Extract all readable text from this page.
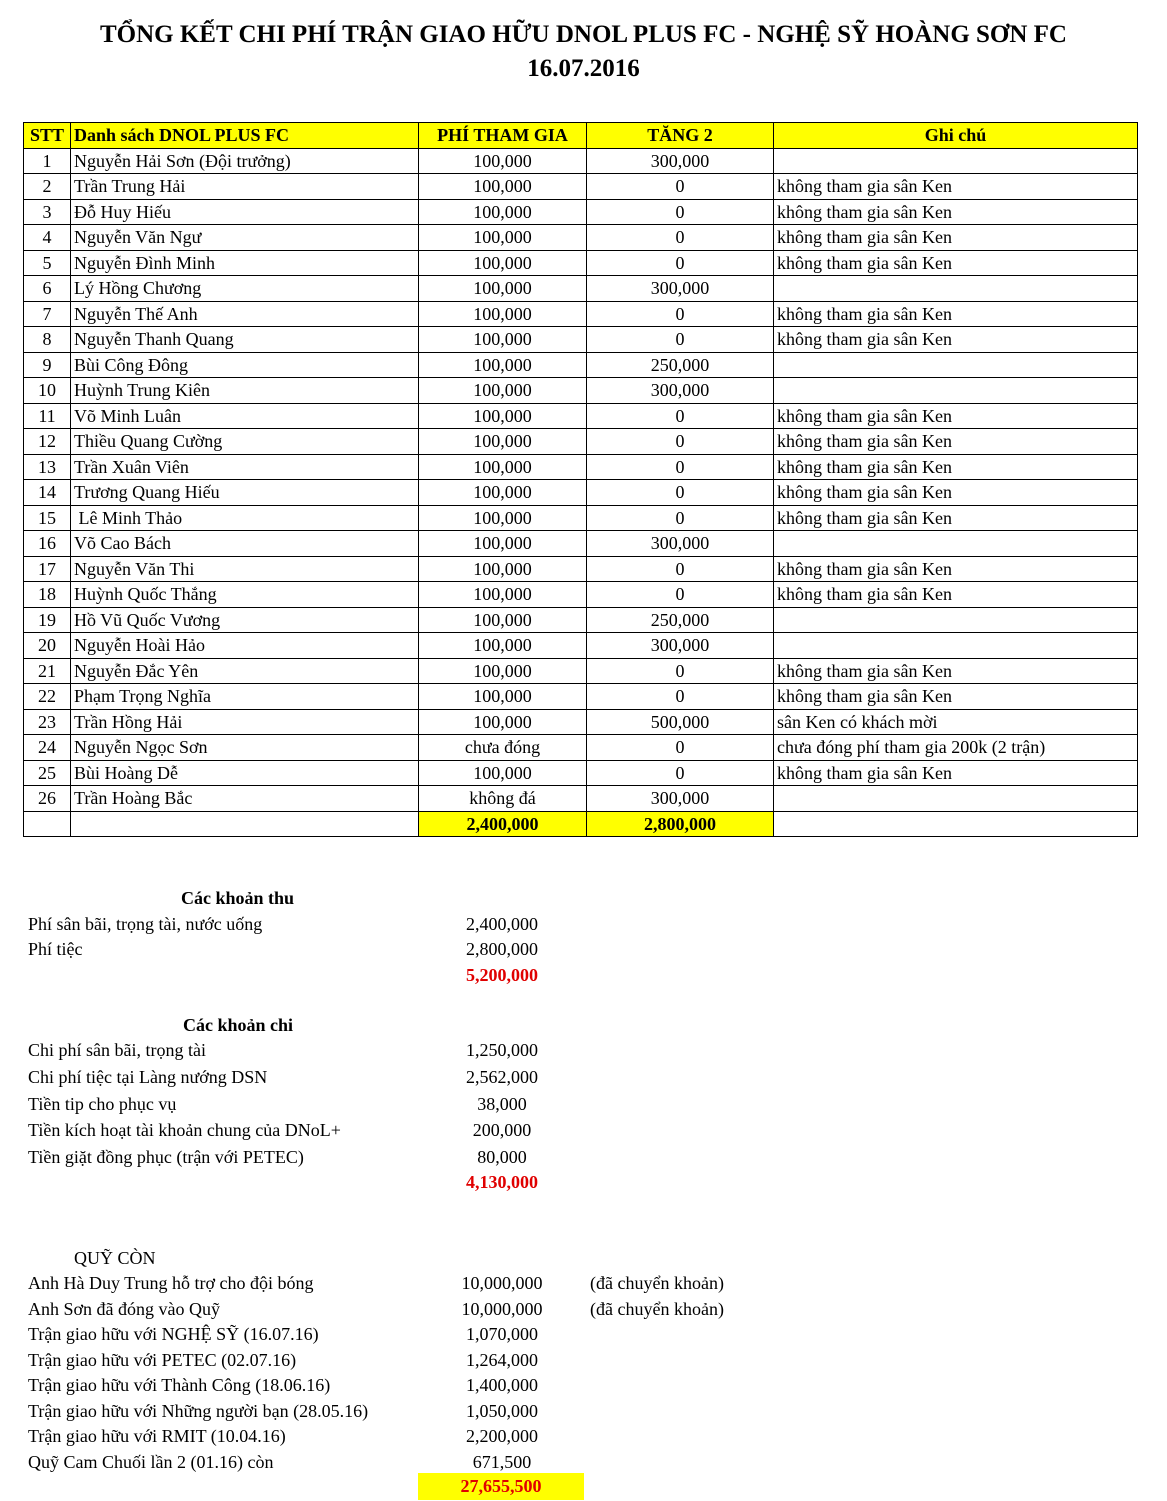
TỔNG KẾT CHI PHÍ TRẬN GIAO HỮU DNOL PLUS FC - NGHỆ SỸ HOÀNG SƠN FC
16.07.2016
STT	Danh sách DNOL PLUS FC	PHÍ THAM GIA	TĂNG 2	Ghi chú
1	Nguyễn Hải Sơn (Đội trưởng)	100,000	300,000	
2	Trần Trung Hải	100,000	0	không tham gia sân Ken
3	Đỗ Huy Hiếu	100,000	0	không tham gia sân Ken
4	Nguyễn Văn Ngư	100,000	0	không tham gia sân Ken
5	Nguyễn Đình Minh	100,000	0	không tham gia sân Ken
6	Lý Hồng Chương	100,000	300,000	
7	Nguyễn Thế Anh	100,000	0	không tham gia sân Ken
8	Nguyễn Thanh Quang	100,000	0	không tham gia sân Ken
9	Bùi Công Đông	100,000	250,000	
10	Huỳnh Trung Kiên	100,000	300,000	
11	Võ Minh Luân	100,000	0	không tham gia sân Ken
12	Thiều Quang Cường	100,000	0	không tham gia sân Ken
13	Trần Xuân Viên	100,000	0	không tham gia sân Ken
14	Trương Quang Hiếu	100,000	0	không tham gia sân Ken
15	Lê Minh Thảo	100,000	0	không tham gia sân Ken
16	Võ Cao Bách	100,000	300,000	
17	Nguyễn Văn Thi	100,000	0	không tham gia sân Ken
18	Huỳnh Quốc Thắng	100,000	0	không tham gia sân Ken
19	Hồ Vũ Quốc Vương	100,000	250,000	
20	Nguyễn Hoài Hảo	100,000	300,000	
21	Nguyễn Đắc Yên	100,000	0	không tham gia sân Ken
22	Phạm Trọng Nghĩa	100,000	0	không tham gia sân Ken
23	Trần Hồng Hải	100,000	500,000	sân Ken có khách mời
24	Nguyễn Ngọc Sơn	chưa đóng	0	chưa đóng phí tham gia 200k (2 trận)
25	Bùi Hoàng Dễ	100,000	0	không tham gia sân Ken
26	Trần Hoàng Bắc	không đá	300,000	
		2,400,000	2,800,000	
Các khoản thu
Phí sân bãi, trọng tài, nước uống	2,400,000
Phí tiệc	2,800,000
5,200,000
Các khoản chi
Chi phí sân bãi, trọng tài	1,250,000
Chi phí tiệc tại Làng nướng DSN	2,562,000
Tiền tip cho phục vụ	38,000
Tiền kích hoạt tài khoản chung của DNoL+	200,000
Tiền giặt đồng phục (trận với PETEC)	80,000
4,130,000
QUỸ CÒN
Anh Hà Duy Trung hỗ trợ cho đội bóng	10,000,000	(đã chuyển khoản)
Anh Sơn đã đóng vào Quỹ	10,000,000	(đã chuyển khoản)
Trận giao hữu với NGHỆ SỸ (16.07.16)	1,070,000
Trận giao hữu với PETEC (02.07.16)	1,264,000
Trận giao hữu với Thành Công (18.06.16)	1,400,000
Trận giao hữu với Những người bạn (28.05.16)	1,050,000
Trận giao hữu với RMIT (10.04.16)	2,200,000
Quỹ Cam Chuối lần 2 (01.16) còn	671,500
27,655,500
